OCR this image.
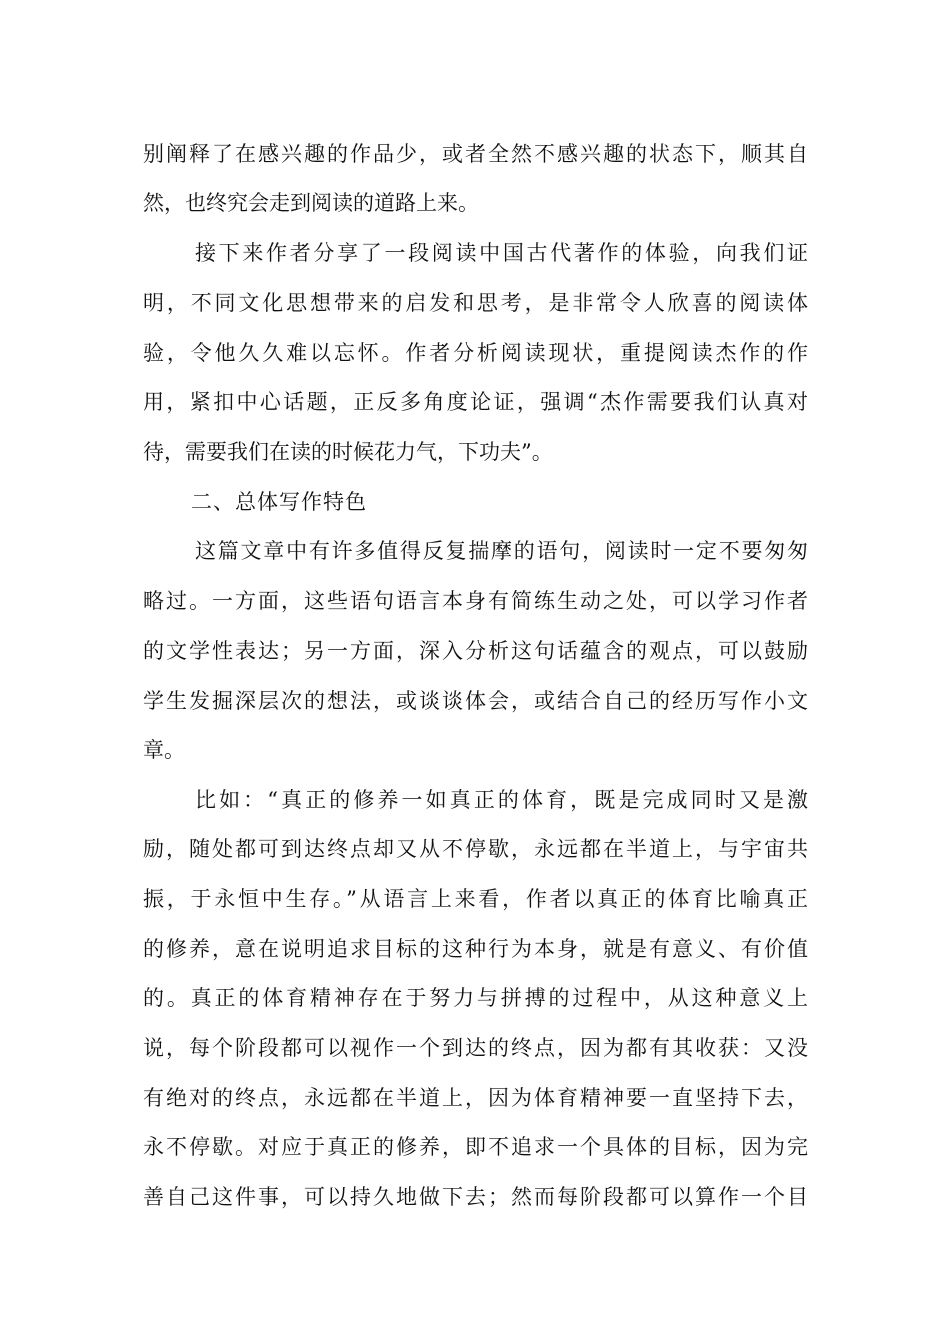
别阐释了在感兴趣的作品少，或者全然不感兴趣的状态下，顺其自
然，也终究会走到阅读的道路上来。
接下来作者分享了一段阅读中国古代著作的体验，向我们证
明，不同文化思想带来的启发和思考，是非常令人欣喜的阅读体
验，令他久久难以忘怀。作者分析阅读现状，重提阅读杰作的作
用，紧扣中心话题，正反多角度论证，强调“杰作需要我们认真对
待，需要我们在读的时候花力气，下功夫”。
二、总体写作特色
这篇文章中有许多值得反复揣摩的语句，阅读时一定不要匆匆
略过。一方面，这些语句语言本身有简练生动之处，可以学习作者
的文学性表达；另一方面，深入分析这句话蕴含的观点，可以鼓励
学生发掘深层次的想法，或谈谈体会，或结合自己的经历写作小文
章。
比如：“真正的修养一如真正的体育，既是完成同时又是激
励，随处都可到达终点却又从不停歇，永远都在半道上，与宇宙共
振，于永恒中生存。”从语言上来看，作者以真正的体育比喻真正
的修养，意在说明追求目标的这种行为本身，就是有意义、有价值
的。真正的体育精神存在于努力与拼搏的过程中，从这种意义上
说，每个阶段都可以视作一个到达的终点，因为都有其收获：又没
有绝对的终点，永远都在半道上，因为体育精神要一直坚持下去，
永不停歇。对应于真正的修养，即不追求一个具体的目标，因为完
善自己这件事，可以持久地做下去；然而每阶段都可以算作一个目
